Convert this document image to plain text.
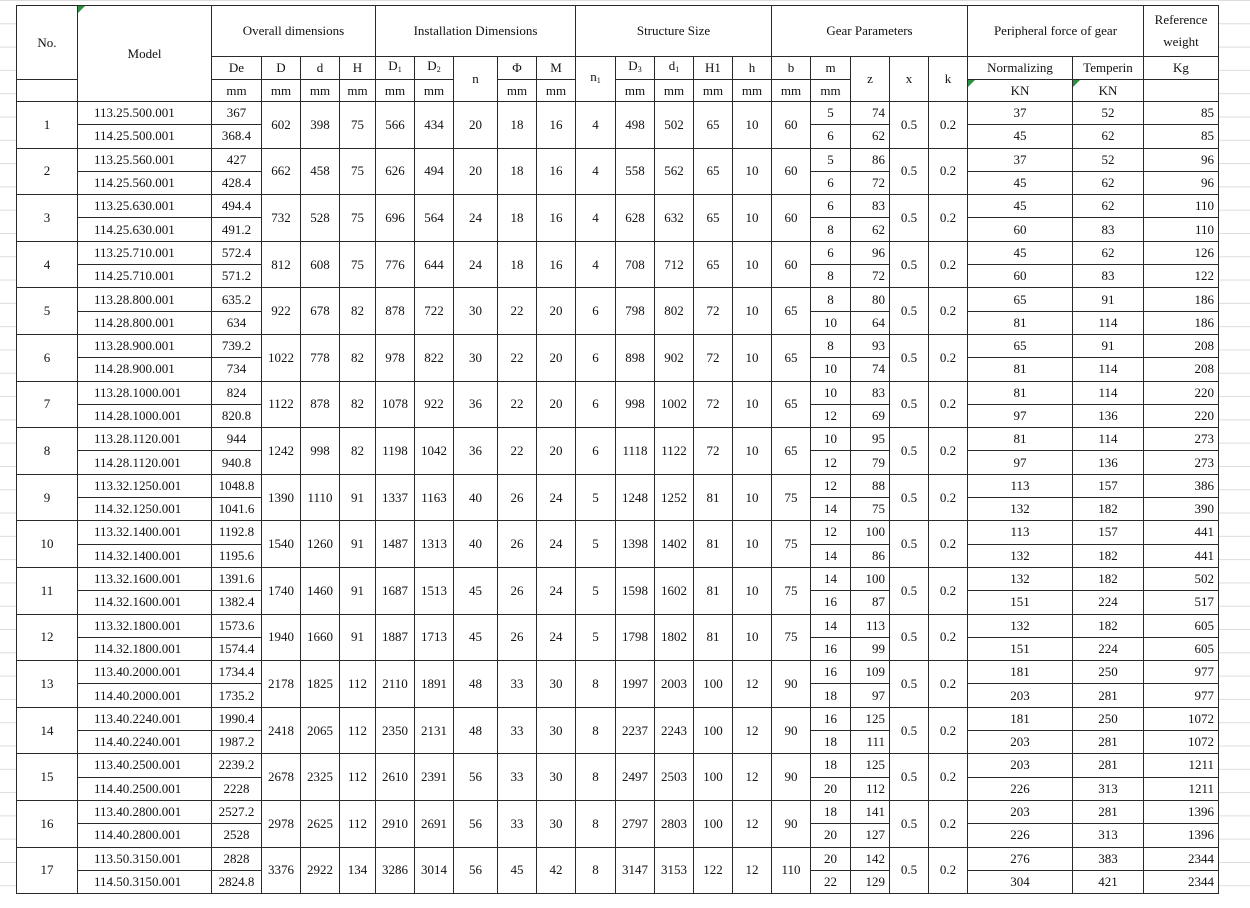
No.	Model	Overall dimensions				Installation Dimensions					Structure Size					Gear Parameters					Peripheral force of gear		Reference weight
		De	D	d	H	$D_1$	$D_2$	n	Φ	M	$n_1$	$D_3$	$d_1$	H1	h	b	m	z	x	k	Normalizing	Temperin	Kg
		mm	mm	mm	mm	mm	mm		mm	mm		mm	mm	mm	mm	mm	mm				KN	KN	
1	113.25.500.001	367	602	398	75	566	434	20	18	16	4	498	502	65	10	60	5	74	0.5	0.2	37	52	85
	114.25.500.001	368.4															6	62			45	62	85
2	113.25.560.001	427	662	458	75	626	494	20	18	16	4	558	562	65	10	60	5	86	0.5	0.2	37	52	96
	114.25.560.001	428.4															6	72			45	62	96
3	113.25.630.001	494.4	732	528	75	696	564	24	18	16	4	628	632	65	10	60	6	83	0.5	0.2	45	62	110
	114.25.630.001	491.2															8	62			60	83	110
4	113.25.710.001	572.4	812	608	75	776	644	24	18	16	4	708	712	65	10	60	6	96	0.5	0.2	45	62	126
	114.25.710.001	571.2															8	72			60	83	122
5	113.28.800.001	635.2	922	678	82	878	722	30	22	20	6	798	802	72	10	65	8	80	0.5	0.2	65	91	186
	114.28.800.001	634															10	64			81	114	186
6	113.28.900.001	739.2	1022	778	82	978	822	30	22	20	6	898	902	72	10	65	8	93	0.5	0.2	65	91	208
	114.28.900.001	734															10	74			81	114	208
7	113.28.1000.001	824	1122	878	82	1078	922	36	22	20	6	998	1002	72	10	65	10	83	0.5	0.2	81	114	220
	114.28.1000.001	820.8															12	69			97	136	220
8	113.28.1120.001	944	1242	998	82	1198	1042	36	22	20	6	1118	1122	72	10	65	10	95	0.5	0.2	81	114	273
	114.28.1120.001	940.8															12	79			97	136	273
9	113.32.1250.001	1048.8	1390	1110	91	1337	1163	40	26	24	5	1248	1252	81	10	75	12	88	0.5	0.2	113	157	386
	114.32.1250.001	1041.6															14	75			132	182	390
10	113.32.1400.001	1192.8	1540	1260	91	1487	1313	40	26	24	5	1398	1402	81	10	75	12	100	0.5	0.2	113	157	441
	114.32.1400.001	1195.6															14	86			132	182	441
11	113.32.1600.001	1391.6	1740	1460	91	1687	1513	45	26	24	5	1598	1602	81	10	75	14	100	0.5	0.2	132	182	502
	114.32.1600.001	1382.4															16	87			151	224	517
12	113.32.1800.001	1573.6	1940	1660	91	1887	1713	45	26	24	5	1798	1802	81	10	75	14	113	0.5	0.2	132	182	605
	114.32.1800.001	1574.4															16	99			151	224	605
13	113.40.2000.001	1734.4	2178	1825	112	2110	1891	48	33	30	8	1997	2003	100	12	90	16	109	0.5	0.2	181	250	977
	114.40.2000.001	1735.2															18	97			203	281	977
14	113.40.2240.001	1990.4	2418	2065	112	2350	2131	48	33	30	8	2237	2243	100	12	90	16	125	0.5	0.2	181	250	1072
	114.40.2240.001	1987.2															18	111			203	281	1072
15	113.40.2500.001	2239.2	2678	2325	112	2610	2391	56	33	30	8	2497	2503	100	12	90	18	125	0.5	0.2	203	281	1211
	114.40.2500.001	2228															20	112			226	313	1211
16	113.40.2800.001	2527.2	2978	2625	112	2910	2691	56	33	30	8	2797	2803	100	12	90	18	141	0.5	0.2	203	281	1396
	114.40.2800.001	2528															20	127			226	313	1396
17	113.50.3150.001	2828	3376	2922	134	3286	3014	56	45	42	8	3147	3153	122	12	110	20	142	0.5	0.2	276	383	2344
	114.50.3150.001	2824.8															22	129			304	421	2344
